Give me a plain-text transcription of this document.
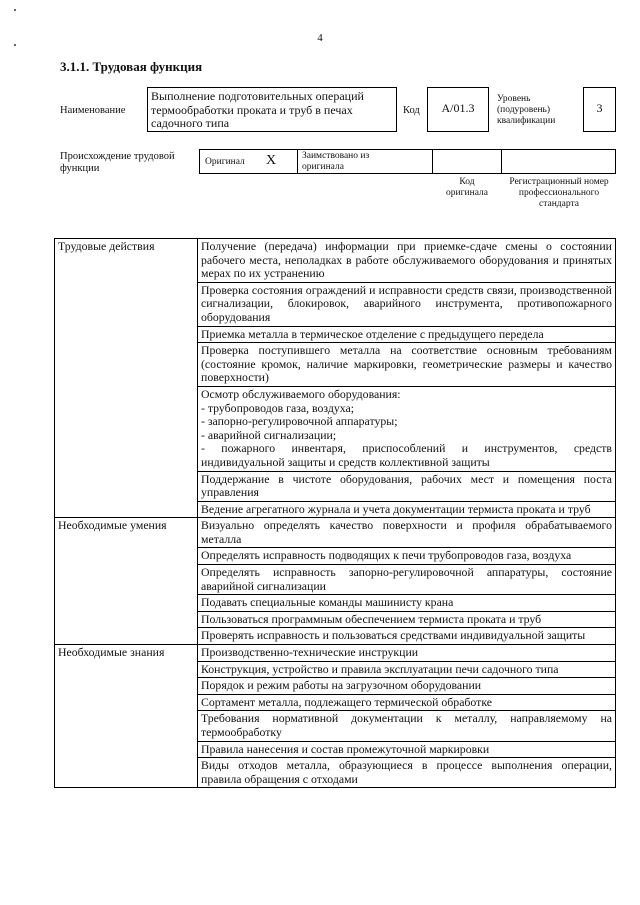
4
3.1.1. Трудовая функция
Наименование
Выполнение подготовительных операций термообработки проката и труб в печах садочного типа
Код	А/01.3
Уровень (подуровень) квалификации
3
Происхождение трудовой функции
Оригинал Х	Заимствовано из оригинала
Код оригинала
Регистрационный номер профессионального стандарта
Трудовые действия	Получение (передача) информации при приемке-сдаче смены о состоянии рабочего места, неполадках в работе обслуживаемого оборудования и принятых мерах по их устранению
	Проверка состояния ограждений и исправности средств связи, производственной сигнализации, блокировок, аварийного инструмента, противопожарного оборудования
	Приемка металла в термическое отделение с предыдущего передела
	Проверка поступившего металла на соответствие основным требованиям (состояние кромок, наличие маркировки, геометрические размеры и качество поверхности)

	Осмотр обслуживаемого оборудования:
- трубопроводов газа, воздуха;
- запорно-регулировочной аппаратуры;
- аварийной сигнализации;
- пожарного инвентаря, приспособлений и инструментов, средств индивидуальной защиты и средств коллективной защиты

	Поддержание в чистоте оборудования, рабочих мест и помещения поста управления
	Ведение агрегатного журнала и учета документации термиста проката и труб
Необходимые умения	Визуально определять качество поверхности и профиля обрабатываемого металла
	Определять исправность подводящих к печи трубопроводов газа, воздуха
	Определять исправность запорно-регулировочной аппаратуры, состояние аварийной сигнализации
	Подавать специальные команды машинисту крана
	Пользоваться программным обеспечением термиста проката и труб
	Проверять исправность и пользоваться средствами индивидуальной защиты
Необходимые знания	Производственно-технические инструкции
	Конструкция, устройство и правила эксплуатации печи садочного типа
	Порядок и режим работы на загрузочном оборудовании
	Сортамент металла, подлежащего термической обработке
	Требования нормативной документации к металлу, направляемому на термообработку
	Правила нанесения и состав промежуточной маркировки
	Виды отходов металла, образующиеся в процессе выполнения операции, правила обращения с отходами
